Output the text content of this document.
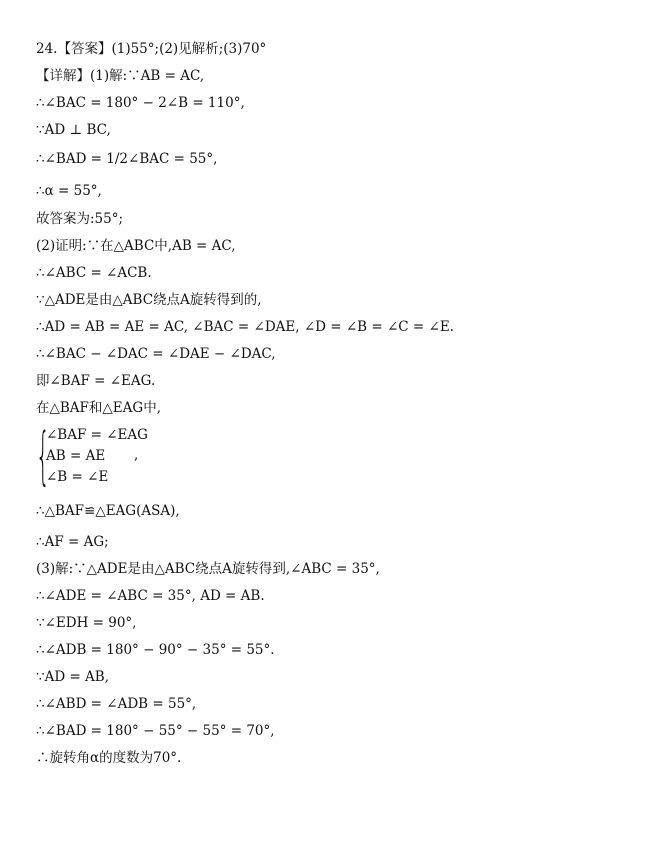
24.【答案】(1)55°;(2)见解析;(3)70°
【详解】(1)解:∵AB = AC,
∴∠BAC = 180° − 2∠B = 110°,
∵AD ⊥ BC,
∴∠BAD = 1/2∠BAC = 55°,
∴α = 55°,
故答案为:55°;
(2)证明:∵在△ABC中,AB = AC,
∴∠ABC = ∠ACB.
∵△ADE是由△ABC绕点A旋转得到的,
∴AD = AB = AE = AC, ∠BAC = ∠DAE, ∠D = ∠B = ∠C = ∠E.
∴∠BAC − ∠DAC = ∠DAE − ∠DAC,
即∠BAF = ∠EAG.
在△BAF和△EAG中,
{
∠BAF = ∠EAG
AB = AE
∠B = ∠E
,
∴△BAF≌△EAG(ASA),
∴AF = AG;
(3)解:∵△ADE是由△ABC绕点A旋转得到,∠ABC = 35°,
∴∠ADE = ∠ABC = 35°, AD = AB.
∵∠EDH = 90°,
∴∠ADB = 180° − 90° − 35° = 55°.
∵AD = AB,
∴∠ABD = ∠ADB = 55°,
∴∠BAD = 180° − 55° − 55° = 70°,
∴旋转角α的度数为70°.
